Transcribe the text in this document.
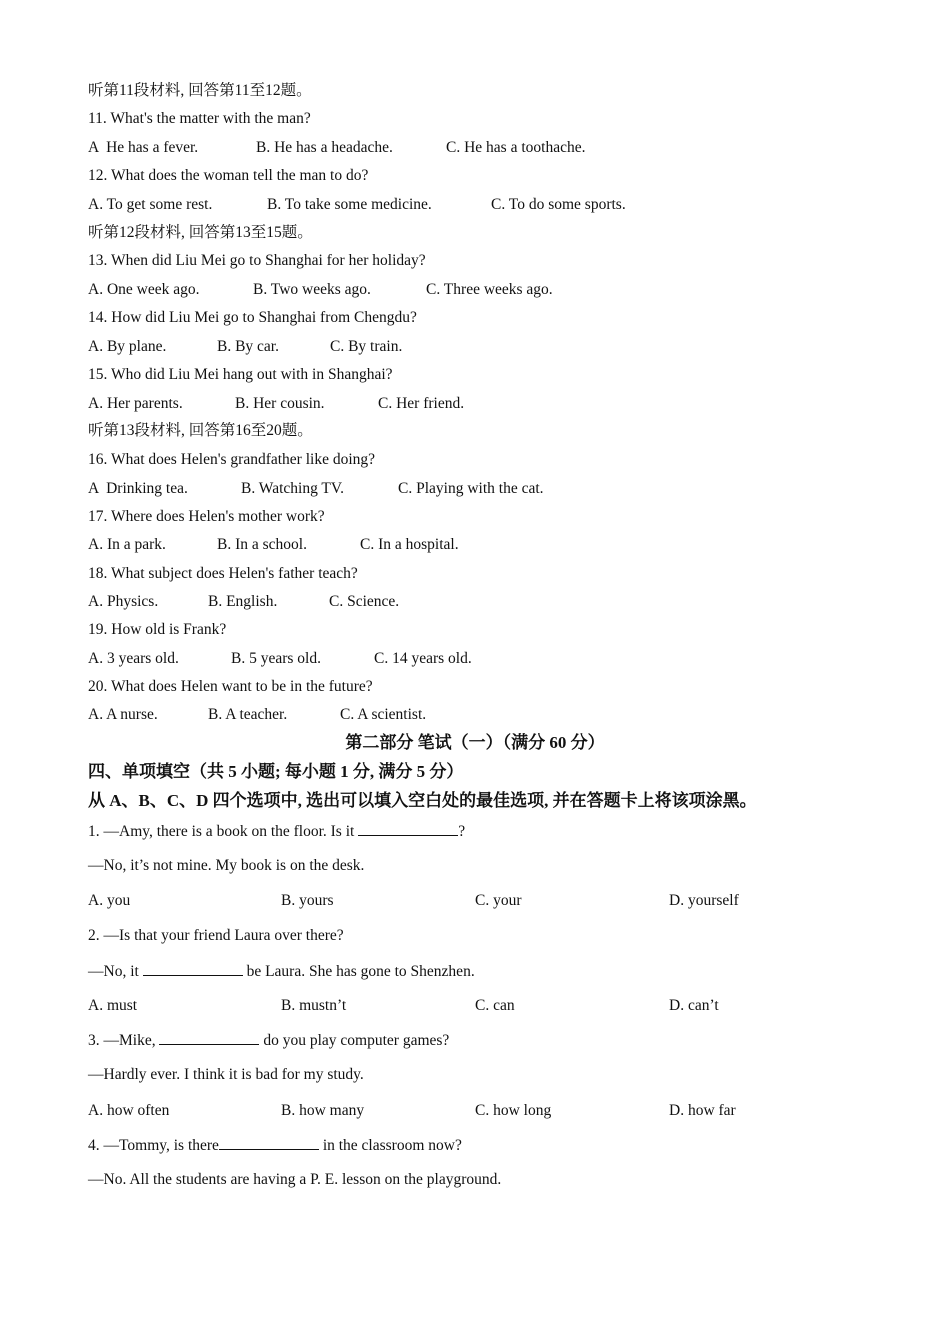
听第11段材料, 回答第11至12题。
11. What's the matter with the man?
A  He has a fever.	B. He has a headache.	C. He has a toothache.
12. What does the woman tell the man to do?
A. To get some rest.	B. To take some medicine.	C. To do some sports.
听第12段材料, 回答第13至15题。
13. When did Liu Mei go to Shanghai for her holiday?
A. One week ago.	B. Two weeks ago.	C. Three weeks ago.
14. How did Liu Mei go to Shanghai from Chengdu?
A. By plane.	B. By car.	C. By train.
15. Who did Liu Mei hang out with in Shanghai?
A. Her parents.	B. Her cousin.	C. Her friend.
听第13段材料, 回答第16至20题。
16. What does Helen's grandfather like doing?
A  Drinking tea.	B. Watching TV.	C. Playing with the cat.
17. Where does Helen's mother work?
A. In a park.	B. In a school.	C. In a hospital.
18. What subject does Helen's father teach?
A. Physics.	B. English.	C. Science.
19. How old is Frank?
A. 3 years old.	B. 5 years old.	C. 14 years old.
20. What does Helen want to be in the future?
A. A nurse.	B. A teacher.	C. A scientist.
第二部分 笔试（一）（满分 60 分）
四、单项填空（共 5 小题; 每小题 1 分, 满分 5 分）
从 A、B、C、D 四个选项中, 选出可以填入空白处的最佳选项, 并在答题卡上将该项涂黑。
1. —Amy, there is a book on the floor. Is it	?
—No, it’s not mine. My book is on the desk.
A. you	B. yours	C. your	D. yourself
2. —Is that your friend Laura over there?
—No, it	be Laura. She has gone to Shenzhen.
A. must	B. mustn’t	C. can	D. can’t
3. —Mike,	do you play computer games?
—Hardly ever. I think it is bad for my study.
A. how often	B. how many	C. how long	D. how far
4. —Tommy, is there	in the classroom now?
—No. All the students are having a P. E. lesson on the playground.
